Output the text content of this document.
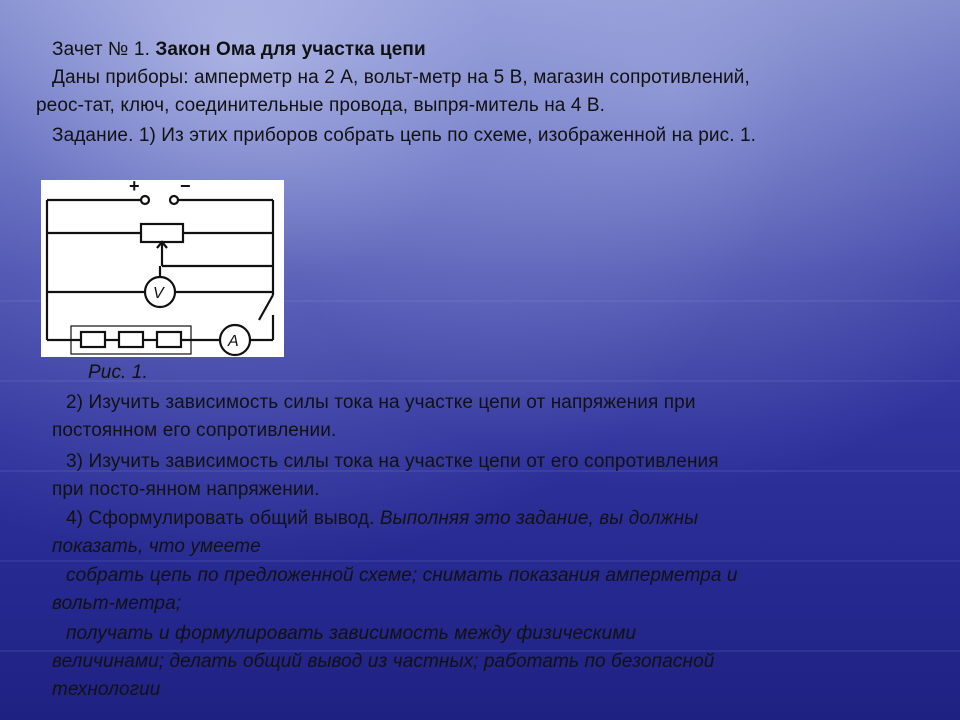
Зачет № 1. Закон Ома для участка цепи
Даны приборы: амперметр на 2 А, вольт-метр на 5 В, магазин сопротивлений,
реос-тат, ключ, соединительные провода, выпря-митель на 4 В.
Задание. 1) Из этих приборов собрать цепь по схеме, изображенной на рис. 1.
+ −
V
A
Рис. 1.
2) Изучить зависимость силы тока на участке цепи от напряжения при
постоянном его сопротивлении.
3) Изучить зависимость силы тока на участке цепи от его сопротивления
при посто-янном напряжении.
4) Сформулировать общий вывод. Выполняя это задание, вы должны
показать, что умеете
собрать цепь по предложенной схеме; снимать показания амперметра и
вольт-метра;
получать и формулировать зависимость между физическими
величинами; делать общий вывод из частных; работать по безопасной
технологии
